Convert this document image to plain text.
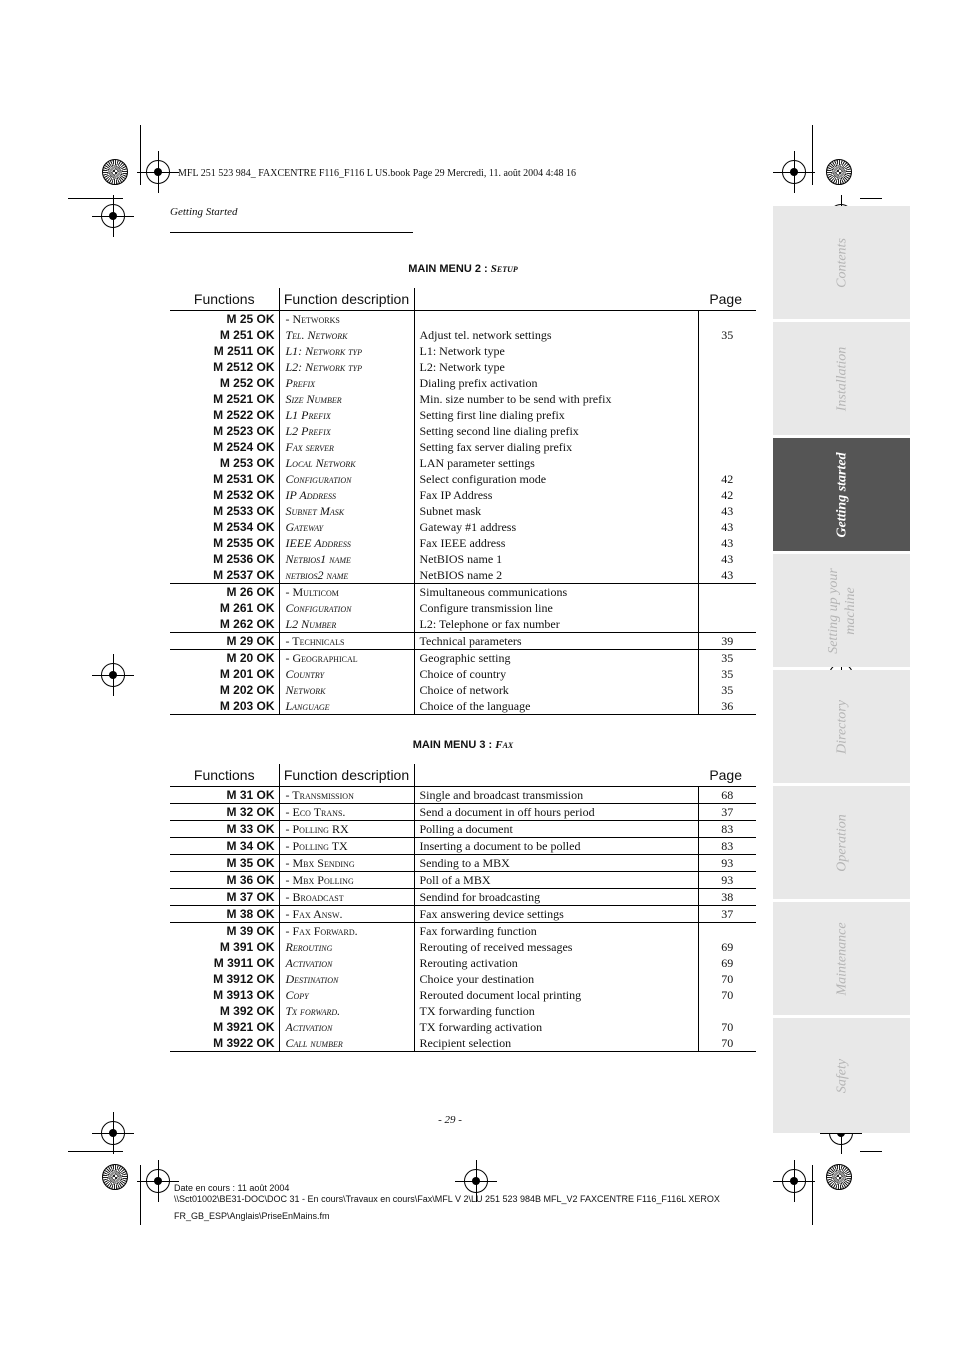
MFL 251 523 984_ FAXCENTRE F116_F116 L US.book Page 29 Mercredi, 11. août 2004 4:48 16
Getting Started
MAIN MENU 2 : Setup
Functions	Function description	Page	
M 25 OK	- Networks		
M 251 OK	Tel. Network	Adjust tel. network settings	35
M 2511 OK	L1: Network typ	L1: Network type	
M 2512 OK	L2: Network typ	L2: Network type	
M 252 OK	Prefix	Dialing prefix activation	
M 2521 OK	Size Number	Min. size number to be send with prefix	
M 2522 OK	L1 Prefix	Setting first line dialing prefix	
M 2523 OK	L2 Prefix	Setting second line dialing prefix	
M 2524 OK	Fax server	Setting fax server dialing prefix	
M 253 OK	Local Network	LAN parameter settings	
M 2531 OK	Configuration	Select configuration mode	42
M 2532 OK	IP Address	Fax IP Address	42
M 2533 OK	Subnet Mask	Subnet mask	43
M 2534 OK	Gateway	Gateway #1 address	43
M 2535 OK	IEEE Address	Fax IEEE address	43
M 2536 OK	Netbios1 name	NetBIOS name 1	43
M 2537 OK	netbios2 name	NetBIOS name 2	43
M 26 OK	- Multicom	Simultaneous communications	
M 261 OK	Configuration	Configure transmission line	
M 262 OK	L2 Number	L2: Telephone or fax number	
M 29 OK	- Technicals	Technical parameters	39
M 20 OK	- Geographical	Geographic setting	35
M 201 OK	Country	Choice of country	35
M 202 OK	Network	Choice of network	35
M 203 OK	Language	Choice of the language	36
MAIN MENU 3 : Fax
Functions	Function description	Page	
M 31 OK	- Transmission	Single and broadcast transmission	68
M 32 OK	- Eco Trans.	Send a document in off hours period	37
M 33 OK	- Polling RX	Polling a document	83
M 34 OK	- Polling TX	Inserting a document to be polled	83
M 35 OK	- Mbx Sending	Sending to a MBX	93
M 36 OK	- Mbx Polling	Poll of a MBX	93
M 37 OK	- Broadcast	Sendind for broadcasting	38
M 38 OK	- Fax Answ.	Fax answering device settings	37
M 39 OK	- Fax Forward.	Fax forwarding function	
M 391 OK	Rerouting	Rerouting of received messages	69
M 3911 OK	Activation	Rerouting activation	69
M 3912 OK	Destination	Choice your destination	70
M 3913 OK	Copy	Rerouted document local printing	70
M 392 OK	Tx forward.	TX forwarding function	
M 3921 OK	Activation	TX forwarding activation	70
M 3922 OK	Call number	Recipient selection	70
Contents
Installation
Getting started
Setting up your machine
Directory
Operation
Maintenance
Safety
- 29 -
Date en cours : 11 août 2004
\\Sct01002\BE31-DOC\DOC 31 - En cours\Travaux en cours\Fax\MFL V 2\LU 251 523 984B MFL_V2 FAXCENTRE F116_F116L XEROX
FR_GB_ESP\Anglais\PriseEnMains.fm
